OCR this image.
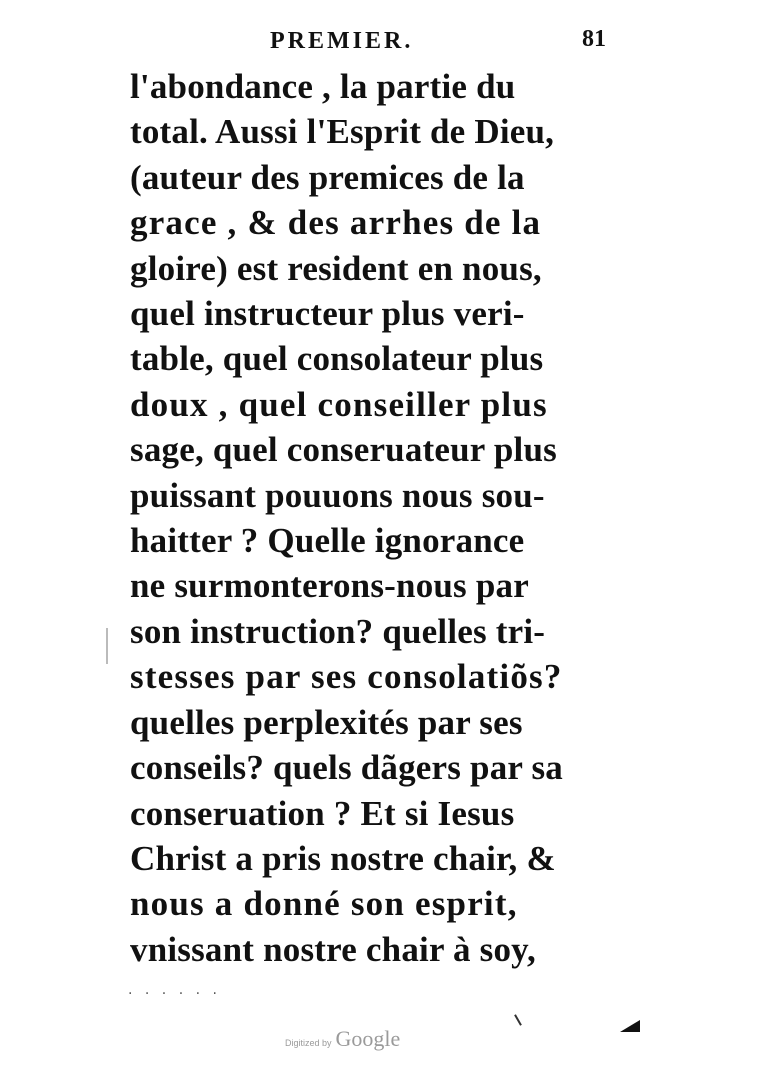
PREMIER.	81
l'abondance , la partie du
total. Aussi l'Esprit de Dieu,
(auteur des premices de la
grace , & des arrhes de la
gloire) est resident en nous,
quel instructeur plus veri-
table, quel consolateur plus
doux , quel conseiller plus
sage, quel conseruateur plus
puissant pouuons nous sou-
haitter ? Quelle ignorance
ne surmonterons-nous par
son instruction? quelles tri-
stesses par ses consolatiõs?
quelles perplexités par ses
conseils? quels dãgers par sa
conseruation ? Et si Iesus
Christ a pris nostre chair, &
nous a donné son esprit,
vnissant nostre chair à soy,
· · · · · ·
Digitized by Google
